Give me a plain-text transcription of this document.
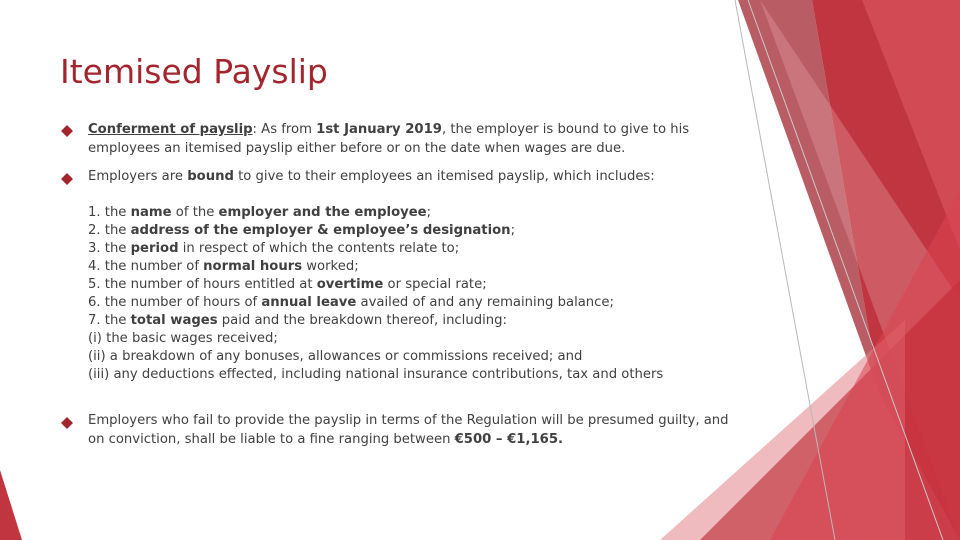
Itemised Payslip
Conferment of payslip: As from 1st January 2019, the employer is bound to give to his employees an itemised payslip either before or on the date when wages are due.
Employers are bound to give to their employees an itemised payslip, which includes:
1. the name of the employer and the employee;
2. the address of the employer & employee’s designation;
3. the period in respect of which the contents relate to;
4. the number of normal hours worked;
5. the number of hours entitled at overtime or special rate;
6. the number of hours of annual leave availed of and any remaining balance;
7. the total wages paid and the breakdown thereof, including:
(i) the basic wages received;
(ii) a breakdown of any bonuses, allowances or commissions received; and
(iii) any deductions effected, including national insurance contributions, tax and others
Employers who fail to provide the payslip in terms of the Regulation will be presumed guilty, and on conviction, shall be liable to a fine ranging between €500 – €1,165.
